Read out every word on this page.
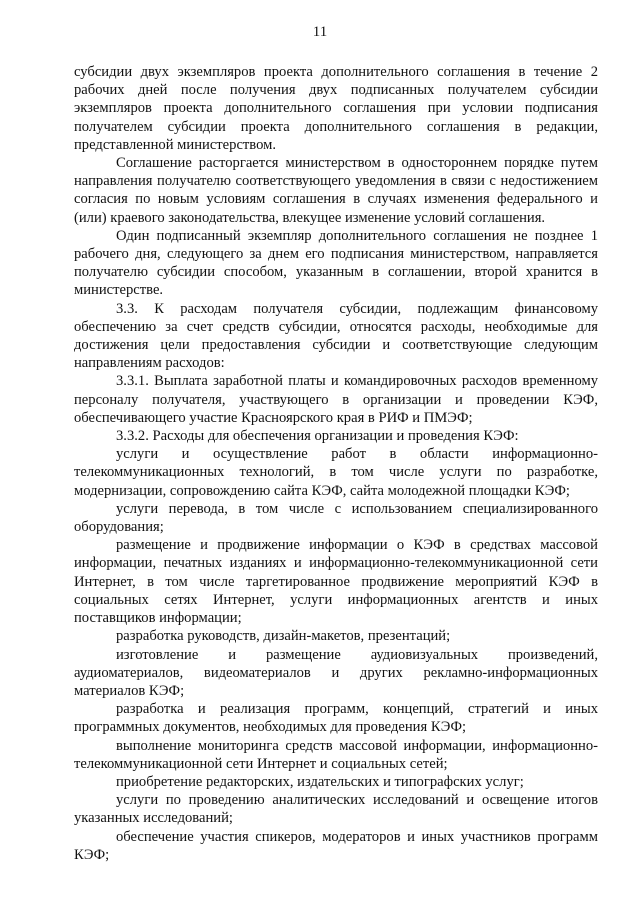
11

субсидии двух экземпляров проекта дополнительного соглашения в течение 2 рабочих дней после получения двух подписанных получателем субсидии экземпляров проекта дополнительного соглашения при условии подписания получателем субсидии проекта дополнительного соглашения в редакции, представленной министерством.

Соглашение расторгается министерством в одностороннем порядке путем направления получателю соответствующего уведомления в связи с недостижением согласия по новым условиям соглашения в случаях изменения федерального и (или) краевого законодательства, влекущее изменение условий соглашения.

Один подписанный экземпляр дополнительного соглашения не позднее 1 рабочего дня, следующего за днем его подписания министерством, направляется получателю субсидии способом, указанным в соглашении, второй хранится в министерстве.

3.3. К расходам получателя субсидии, подлежащим финансовому обеспечению за счет средств субсидии, относятся расходы, необходимые для достижения цели предоставления субсидии и соответствующие следующим направлениям расходов:

3.3.1. Выплата заработной платы и командировочных расходов временному персоналу получателя, участвующего в организации и проведении КЭФ, обеспечивающего участие Красноярского края в РИФ и ПМЭФ;

3.3.2. Расходы для обеспечения организации и проведения КЭФ:

услуги и осуществление работ в области информационно-телекоммуникационных технологий, в том числе услуги по разработке, модернизации, сопровождению сайта КЭФ, сайта молодежной площадки КЭФ;

услуги перевода, в том числе с использованием специализированного оборудования;

размещение и продвижение информации о КЭФ в средствах массовой информации, печатных изданиях и информационно-телекоммуникационной сети Интернет, в том числе таргетированное продвижение мероприятий КЭФ в социальных сетях Интернет, услуги информационных агентств и иных поставщиков информации;

разработка руководств, дизайн-макетов, презентаций;

изготовление и размещение аудиовизуальных произведений, аудиоматериалов, видеоматериалов и других рекламно-информационных материалов КЭФ;

разработка и реализация программ, концепций, стратегий и иных программных документов, необходимых для проведения КЭФ;

выполнение мониторинга средств массовой информации, информационно-телекоммуникационной сети Интернет и социальных сетей;

приобретение редакторских, издательских и типографских услуг;

услуги по проведению аналитических исследований и освещение итогов указанных исследований;

обеспечение участия спикеров, модераторов и иных участников программ КЭФ;
